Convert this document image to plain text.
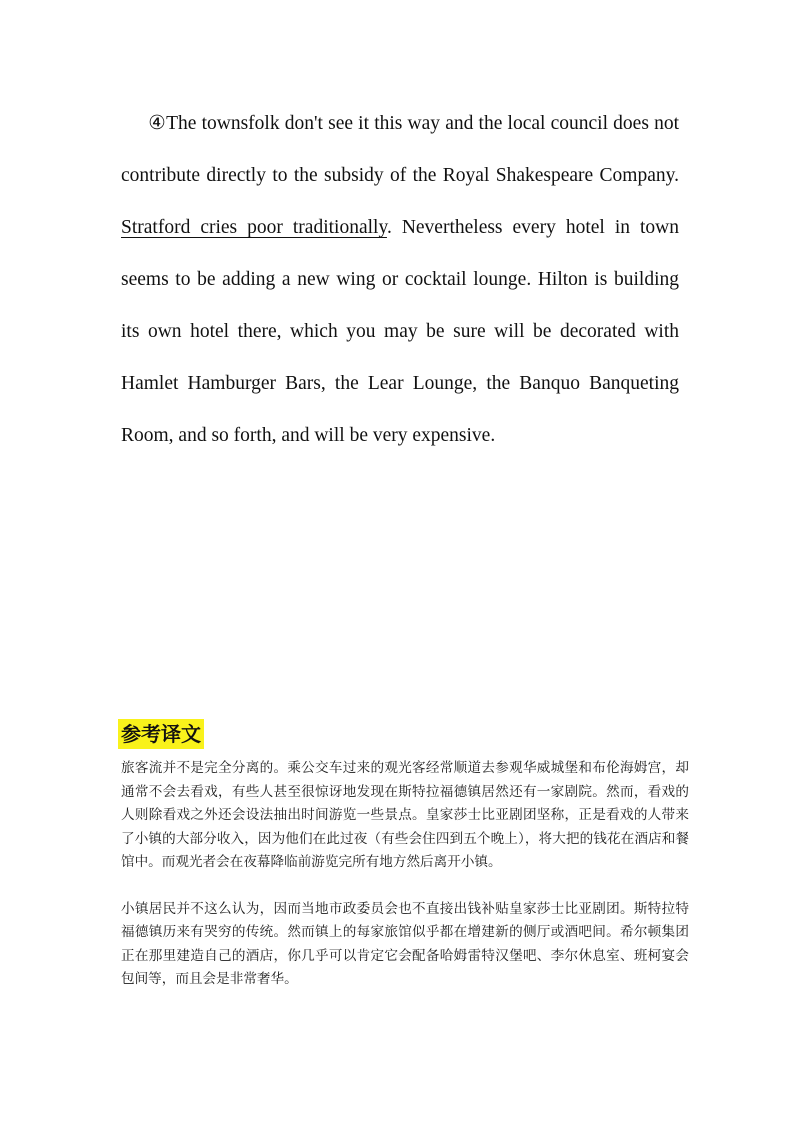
④The townsfolk don't see it this way and the local council does not contribute directly to the subsidy of the Royal Shakespeare Company. Stratford cries poor traditionally. Nevertheless every hotel in town seems to be adding a new wing or cocktail lounge. Hilton is building its own hotel there, which you may be sure will be decorated with Hamlet Hamburger Bars, the Lear Lounge, the Banquo Banqueting Room, and so forth, and will be very expensive.

参考译文

旅客流并不是完全分离的。乘公交车过来的观光客经常顺道去参观华威城堡和布伦海姆宫，却通常不会去看戏，有些人甚至很惊讶地发现在斯特拉福德镇居然还有一家剧院。然而，看戏的人则除看戏之外还会设法抽出时间游览一些景点。皇家莎士比亚剧团坚称，正是看戏的人带来了小镇的大部分收入，因为他们在此过夜（有些会住四到五个晚上），将大把的钱花在酒店和餐馆中。而观光者会在夜幕降临前游览完所有地方然后离开小镇。

小镇居民并不这么认为，因而当地市政委员会也不直接出钱补贴皇家莎士比亚剧团。斯特拉特福德镇历来有哭穷的传统。然而镇上的每家旅馆似乎都在增建新的侧厅或酒吧间。希尔顿集团正在那里建造自己的酒店，你几乎可以肯定它会配备哈姆雷特汉堡吧、李尔休息室、班柯宴会包间等，而且会是非常奢华。
